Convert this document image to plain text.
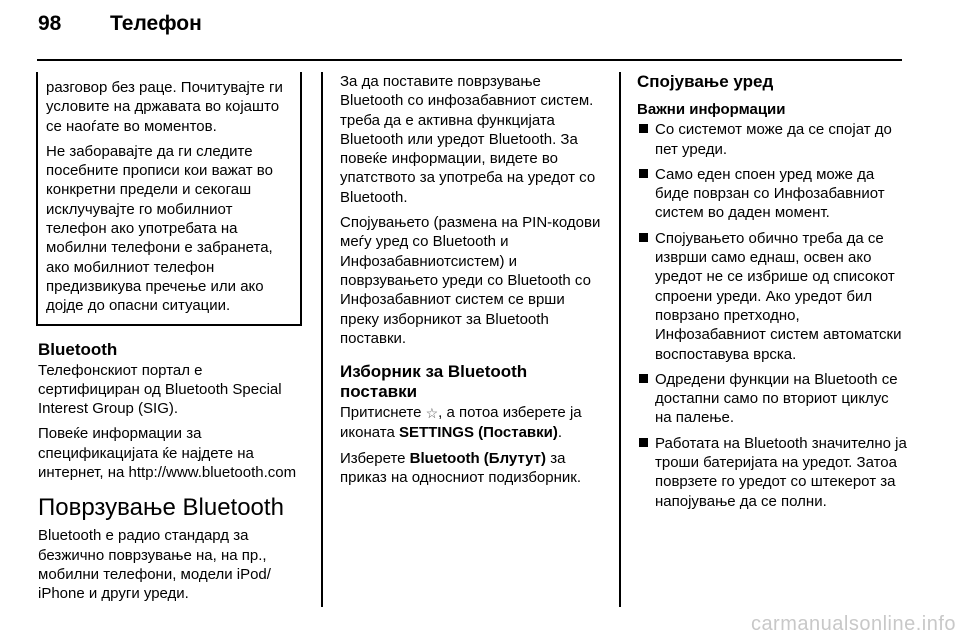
98	Телефон

разговор без раце. Почитувајте ги условите на државата во којашто се наоѓате во моментов.

Не заборавајте да ги следите посебните прописи кои важат во конкретни предели и секогаш исклучувајте го мобилниот телефон ако употребата на мобилни телефони е забранета, ако мобилниот телефон предизвикува пречење или ако дојде до опасни ситуации.

Bluetooth

Телефонскиот портал е сертифициран од Bluetooth Special Interest Group (SIG).

Повеќе информации за спецификацијата ќе најдете на интернет, на http://www.bluetooth.com

Поврзување Bluetooth

Bluetooth е радио стандард за безжично поврзување на, на пр., мобилни телефони, модели iPod/ iPhone и други уреди.

За да поставите поврзување Bluetooth со инфозабавниот систем. треба да е активна функцијата Bluetooth или уредот Bluetooth. За повеќе информации, видете во упатството за употреба на уредот со Bluetooth.

Спојувањето (размена на PIN-кодови меѓу уред со Bluetooth и Инфозабавниотсистем) и поврзувањето уреди со Bluetooth со Инфозабавниот систем се врши преку изборникот за Bluetooth поставки.

Изборник за Bluetooth поставки

Притиснете ☆, а потоа изберете ја иконата SETTINGS (Поставки).

Изберете Bluetooth (Блутут) за приказ на односниот подизборник.

Спојување уред
Важни информации
Со системот може да се спојат до пет уреди.
Само еден споен уред може да биде поврзан со Инфозабавниот систем во даден момент.
Спојувањето обично треба да се изврши само еднаш, освен ако уредот не се избрише од списокот спроени уреди. Ако уредот бил поврзано претходно, Инфозабавниот систем автоматски воспоставува врска.
Одредени функции на Bluetooth се достапни само по вториот циклус на палење.
Работата на Bluetooth значително ја троши батеријата на уредот. Затоа поврзете го уредот со штекерот за напојување да се полни.
carmanualsonline.info
